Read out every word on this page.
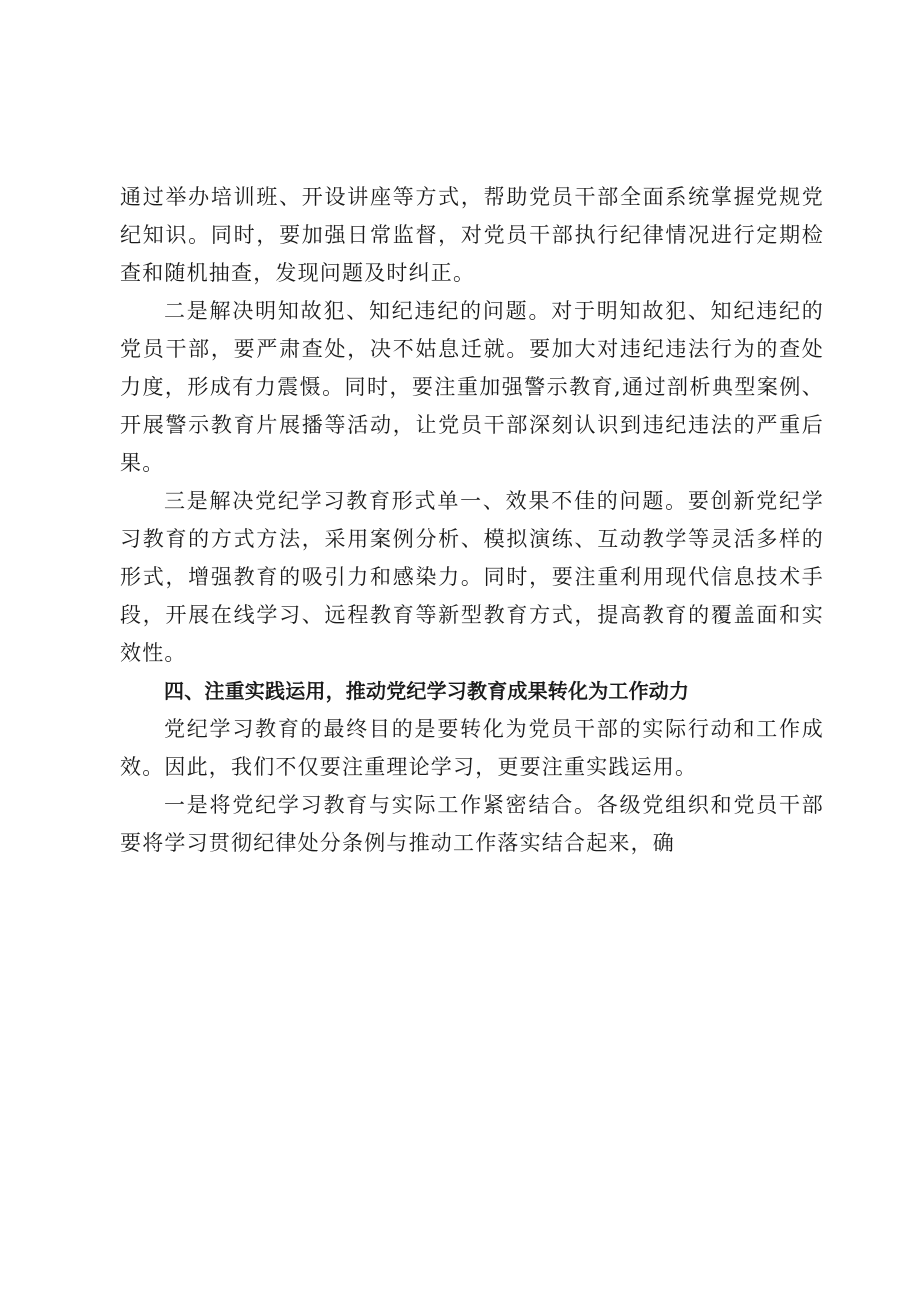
通过举办培训班、开设讲座等方式，帮助党员干部全面系统掌握党规党纪知识。同时，要加强日常监督，对党员干部执行纪律情况进行定期检查和随机抽查，发现问题及时纠正。

二是解决明知故犯、知纪违纪的问题。对于明知故犯、知纪违纪的党员干部，要严肃查处，决不姑息迁就。要加大对违纪违法行为的查处力度，形成有力震慑。同时，要注重加强警示教育,通过剖析典型案例、开展警示教育片展播等活动，让党员干部深刻认识到违纪违法的严重后果。

三是解决党纪学习教育形式单一、效果不佳的问题。要创新党纪学习教育的方式方法，采用案例分析、模拟演练、互动教学等灵活多样的形式，增强教育的吸引力和感染力。同时，要注重利用现代信息技术手段，开展在线学习、远程教育等新型教育方式，提高教育的覆盖面和实效性。

四、注重实践运用，推动党纪学习教育成果转化为工作动力

党纪学习教育的最终目的是要转化为党员干部的实际行动和工作成效。因此，我们不仅要注重理论学习，更要注重实践运用。

一是将党纪学习教育与实际工作紧密结合。各级党组织和党员干部要将学习贯彻纪律处分条例与推动工作落实结合起来，确
